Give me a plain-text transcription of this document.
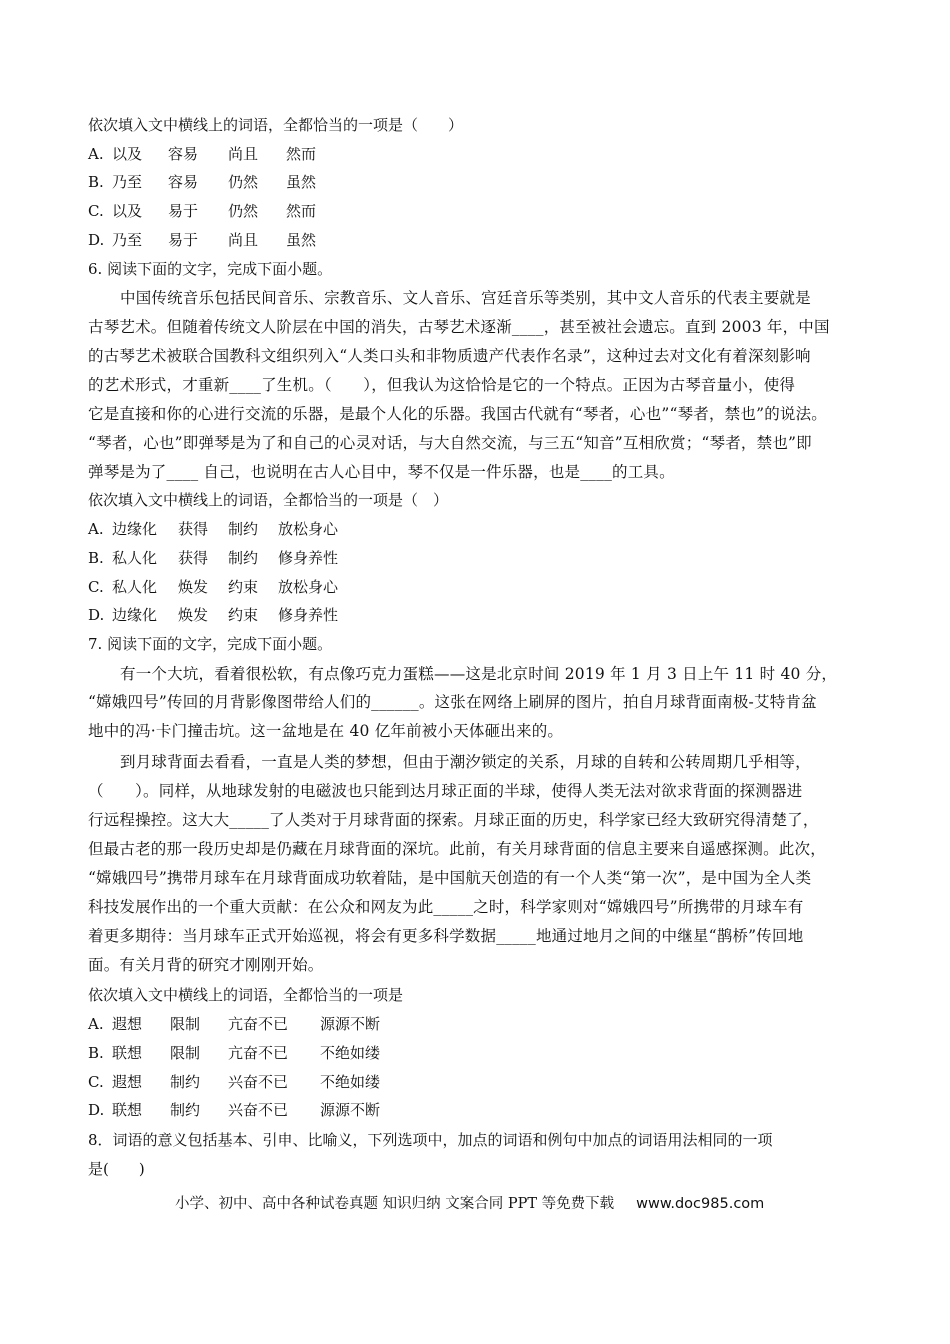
依次填入文中横线上的词语，全都恰当的一项是（　　）
A. 以及 容易 尚且 然而
B. 乃至 容易 仍然 虽然
C. 以及 易于 仍然 然而
D. 乃至 易于 尚且 虽然
6. 阅读下面的文字，完成下面小题。
中国传统音乐包括民间音乐、宗教音乐、文人音乐、宫廷音乐等类别，其中文人音乐的代表主要就是
古琴艺术。但随着传统文人阶层在中国的消失，古琴艺术逐渐____，甚至被社会遗忘。直到 2003 年，中国
的古琴艺术被联合国教科文组织列入“人类口头和非物质遗产代表作名录”，这种过去对文化有着深刻影响
的艺术形式，才重新____了生机。（　　），但我认为这恰恰是它的一个特点。正因为古琴音量小，使得
它是直接和你的心进行交流的乐器，是最个人化的乐器。我国古代就有“琴者，心也”“琴者，禁也”的说法。
“琴者，心也”即弹琴是为了和自己的心灵对话，与大自然交流，与三五“知音”互相欣赏；“琴者，禁也”即
弹琴是为了____ 自己，也说明在古人心目中，琴不仅是一件乐器，也是____的工具。
依次填入文中横线上的词语，全都恰当的一项是（　）
A. 边缘化 获得 制约 放松身心
B. 私人化 获得 制约 修身养性
C. 私人化 焕发 约束 放松身心
D. 边缘化 焕发 约束 修身养性
7. 阅读下面的文字，完成下面小题。
有一个大坑，看着很松软，有点像巧克力蛋糕——这是北京时间 2019 年 1 月 3 日上午 11 时 40 分，
“嫦娥四号”传回的月背影像图带给人们的______。这张在网络上刷屏的图片，拍自月球背面南极-艾特肯盆
地中的冯·卡门撞击坑。这一盆地是在 40 亿年前被小天体砸出来的。
到月球背面去看看，一直是人类的梦想，但由于潮汐锁定的关系，月球的自转和公转周期几乎相等，
（　　）。同样，从地球发射的电磁波也只能到达月球正面的半球，使得人类无法对欲求背面的探测器进
行远程操控。这大大_____了人类对于月球背面的探索。月球正面的历史，科学家已经大致研究得清楚了，
但最古老的那一段历史却是仍藏在月球背面的深坑。此前，有关月球背面的信息主要来自遥感探测。此次，
“嫦娥四号”携带月球车在月球背面成功软着陆，是中国航天创造的有一个人类“第一次”，是中国为全人类
科技发展作出的一个重大贡献：在公众和网友为此_____之时，科学家则对“嫦娥四号”所携带的月球车有
着更多期待：当月球车正式开始巡视，将会有更多科学数据_____地通过地月之间的中继星“鹊桥”传回地
面。有关月背的研究才刚刚开始。
依次填入文中横线上的词语，全都恰当的一项是
A. 遐想 限制 亢奋不已 源源不断
B. 联想 限制 亢奋不已 不绝如缕
C. 遐想 制约 兴奋不已 不绝如缕
D. 联想 制约 兴奋不已 源源不断
8．词语的意义包括基本、引申、比喻义，下列选项中，加点的词语和例句中加点的词语用法相同的一项
是(　　)
小学、初中、高中各种试卷真题 知识归纳 文案合同 PPT 等免费下载 www.doc985.com
